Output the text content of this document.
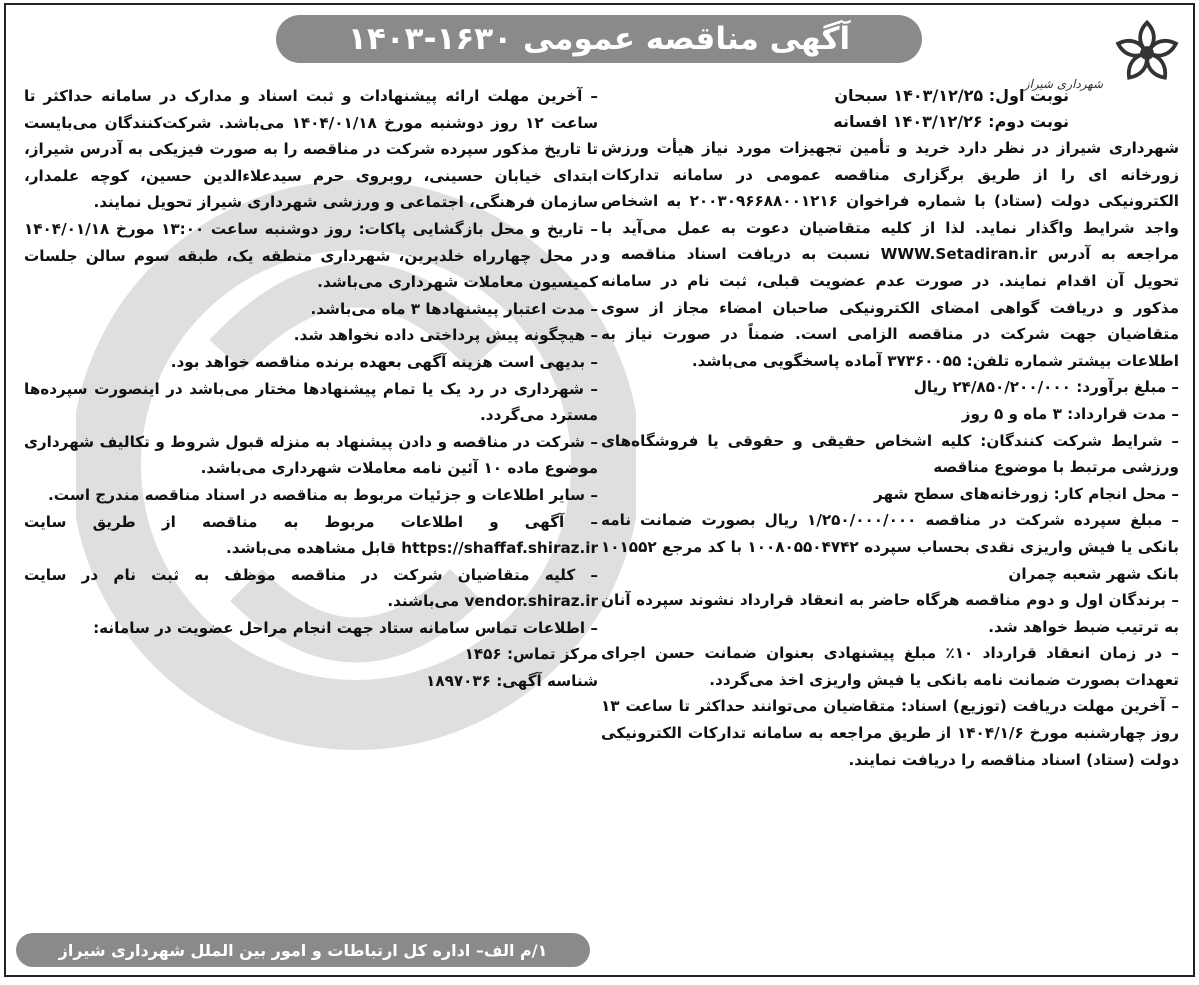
آگهی مناقصه عمومی ۱۶۳۰-۱۴۰۳
شهرداری شیراز

نوبت اول: ۱۴۰۳/۱۲/۲۵ سبحان

نوبت دوم: ۱۴۰۳/۱۲/۲۶ افسانه

شهرداری شیراز در نظر دارد خرید و تأمین تجهیزات مورد نیاز هیأت ورزش زورخانه ای را از طریق برگزاری مناقصه عمومی در سامانه تدارکات الکترونیکی دولت (ستاد) با شماره فراخوان ۲۰۰۳۰۹۶۶۸۸۰۰۱۲۱۶ به اشخاص واجد شرایط واگذار نماید. لذا از کلیه متقاضیان دعوت به عمل می‌آید با مراجعه به آدرس WWW.Setadiran.ir نسبت به دریافت اسناد مناقصه و تحویل آن اقدام نمایند. در صورت عدم عضویت قبلی، ثبت نام در سامانه مذکور و دریافت گواهی امضای الکترونیکی صاحبان امضاء مجاز از سوی متقاضیان جهت شرکت در مناقصه الزامی است. ضمناً در صورت نیاز به اطلاعات بیشتر شماره تلفن: ۳۷۳۶۰۰۵۵ آماده پاسخگویی می‌باشد.

– مبلغ برآورد: ۲۴/۸۵۰/۲۰۰/۰۰۰ ریال

– مدت قرارداد: ۳ ماه و ۵ روز

– شرایط شرکت کنندگان: کلیه اشخاص حقیقی و حقوقی یا فروشگاه‌های ورزشی مرتبط با موضوع مناقصه

– محل انجام کار: زورخانه‌های سطح شهر

– مبلغ سپرده شرکت در مناقصه ۱/۲۵۰/۰۰۰/۰۰۰ ریال بصورت ضمانت نامه بانکی یا فیش واریزی نقدی بحساب سپرده ۱۰۰۸۰۵۵۰۴۷۴۲ با کد مرجع ۱۰۱۵۵۲ بانک شهر شعبه چمران

– برندگان اول و دوم مناقصه هرگاه حاضر به انعقاد قرارداد نشوند سپرده آنان به ترتیب ضبط خواهد شد.

– در زمان انعقاد قرارداد ۱۰٪ مبلغ پیشنهادی بعنوان ضمانت حسن اجرای تعهدات بصورت ضمانت نامه بانکی یا فیش واریزی اخذ می‌گردد.

– آخرین مهلت دریافت (توزیع) اسناد: متقاضیان می‌توانند حداکثر تا ساعت ۱۳ روز چهارشنبه مورخ ۱۴۰۴/۱/۶ از طریق مراجعه به سامانه تدارکات الکترونیکی دولت (ستاد) اسناد مناقصه را دریافت نمایند.

– آخرین مهلت ارائه پیشنهادات و ثبت اسناد و مدارک در سامانه حداکثر تا ساعت ۱۲ روز دوشنبه مورخ ۱۴۰۴/۰۱/۱۸ می‌باشد. شرکت‌کنندگان می‌بایست تا تاریخ مذکور سپرده شرکت در مناقصه را به صورت فیزیکی به آدرس شیراز، ابتدای خیابان حسینی، روبروی حرم سیدعلاءالدین حسین، کوچه علمدار، سازمان فرهنگی، اجتماعی و ورزشی شهرداری شیراز تحویل نمایند.

– تاریخ و محل بازگشایی پاکات: روز دوشنبه ساعت ۱۳:۰۰ مورخ ۱۴۰۴/۰۱/۱۸ در محل چهارراه خلدبرین، شهرداری منطقه یک، طبقه سوم سالن جلسات کمیسیون معاملات شهرداری می‌باشد.

– مدت اعتبار پیشنهادها ۳ ماه می‌باشد.

– هیچگونه پیش پرداختی داده نخواهد شد.

– بدیهی است هزینه آگهی بعهده برنده مناقصه خواهد بود.

– شهرداری در رد یک یا تمام پیشنهادها مختار می‌باشد در اینصورت سپرده‌ها مسترد می‌گردد.

– شرکت در مناقصه و دادن پیشنهاد به منزله قبول شروط و تکالیف شهرداری موضوع ماده ۱۰ آئین نامه معاملات شهرداری می‌باشد.

– سایر اطلاعات و جزئیات مربوط به مناقصه در اسناد مناقصه مندرج است.

– آگهی و اطلاعات مربوط به مناقصه از طریق سایت https://shaffaf.shiraz.ir قابل مشاهده می‌باشد.

– کلیه متقاضیان شرکت در مناقصه موظف به ثبت نام در سایت vendor.shiraz.ir می‌باشند.

– اطلاعات تماس سامانه ستاد جهت انجام مراحل عضویت در سامانه:

مرکز تماس: ۱۴۵۶

شناسه آگهی: ۱۸۹۷۰۳۶

۱/م الف– اداره کل ارتباطات و امور بین الملل شهرداری شیراز
